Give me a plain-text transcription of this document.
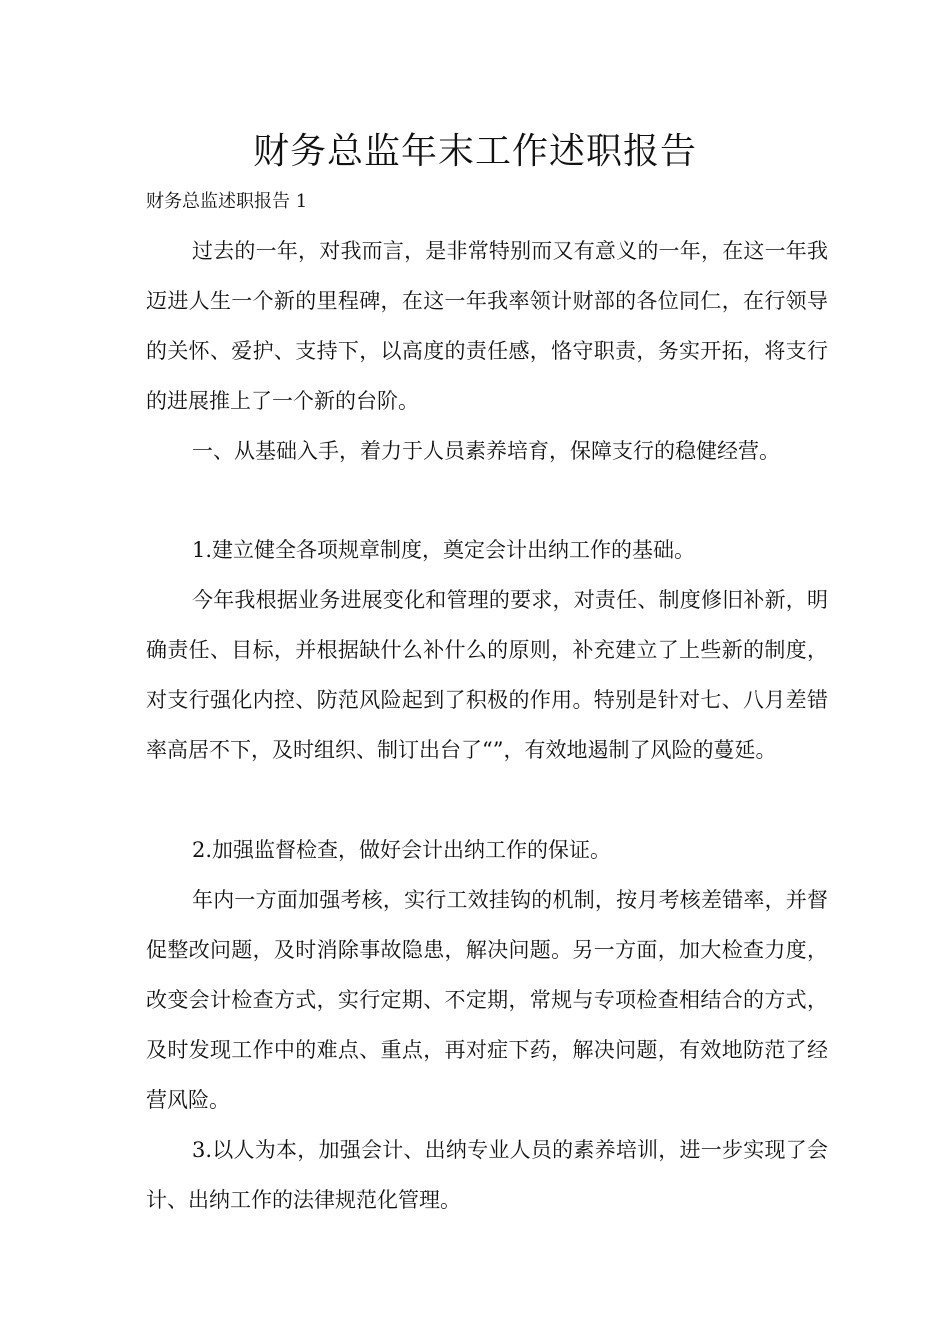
财务总监年末工作述职报告
财务总监述职报告 1

过去的一年，对我而言，是非常特别而又有意义的一年，在这一年我迈进人生一个新的里程碑，在这一年我率领计财部的各位同仁，在行领导的关怀、爱护、支持下，以高度的责任感，恪守职责，务实开拓，将支行的进展推上了一个新的台阶。

一、从基础入手，着力于人员素养培育，保障支行的稳健经营。

1.建立健全各项规章制度，奠定会计出纳工作的基础。

今年我根据业务进展变化和管理的要求，对责任、制度修旧补新，明确责任、目标，并根据缺什么补什么的原则，补充建立了上些新的制度，对支行强化内控、防范风险起到了积极的作用。特别是针对七、八月差错率高居不下，及时组织、制订出台了“”，有效地遏制了风险的蔓延。

2.加强监督检查，做好会计出纳工作的保证。

年内一方面加强考核，实行工效挂钩的机制，按月考核差错率，并督促整改问题，及时消除事故隐患，解决问题。另一方面，加大检查力度，改变会计检查方式，实行定期、不定期，常规与专项检查相结合的方式，及时发现工作中的难点、重点，再对症下药，解决问题，有效地防范了经营风险。

3.以人为本，加强会计、出纳专业人员的素养培训，进一步实现了会计、出纳工作的法律规范化管理。
